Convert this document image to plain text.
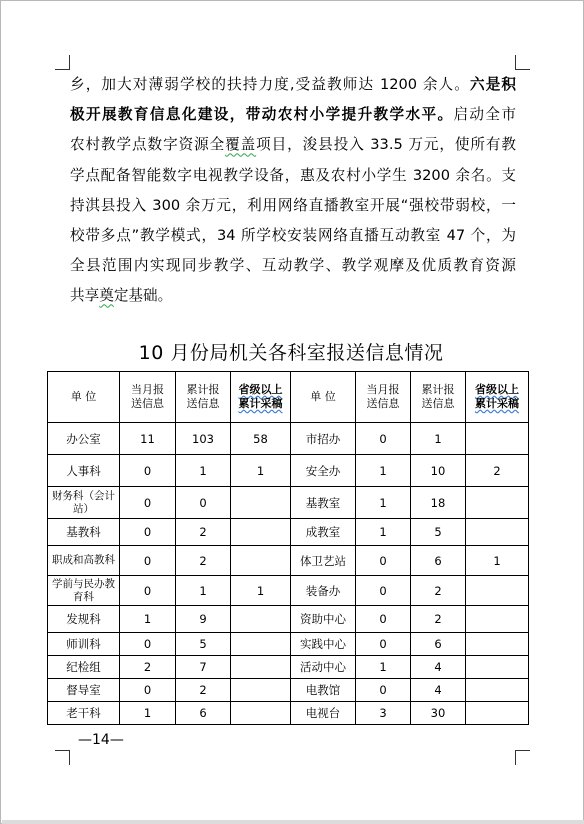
乡，加大对薄弱学校的扶持力度,受益教师达 1200 余人。六是积
极开展教育信息化建设，带动农村小学提升教学水平。启动全市
农村教学点数字资源全覆盖项目，浚县投入 33.5 万元，使所有教
学点配备智能数字电视教学设备，惠及农村小学生 3200 余名。支
持淇县投入 300 余万元，利用网络直播教室开展“强校带弱校，一
校带多点”教学模式，34 所学校安装网络直播互动教室 47 个，为
全县范围内实现同步教学、互动教学、教学观摩及优质教育资源
共享奠定基础。
10 月份局机关各科室报送信息情况
单 位	当月报送信息	累计报送信息	省级以上累计采稿	单 位	当月报送信息	累计报送信息	省级以上累计采稿
办公室	11	103	58	市招办	0	1	
人事科	0	1	1	安全办	1	10	2
财务科（会计站）	0	0		基教室	1	18	
基教科	0	2		成教室	1	5	
职成和高教科	0	2		体卫艺站	0	6	1
学前与民办教育科	0	1	1	装备办	0	2	
发规科	1	9		资助中心	0	2	
师训科	0	5		实践中心	0	6	
纪检组	2	7		活动中心	1	4	
督导室	0	2		电教馆	0	4	
老干科	1	6		电视台	3	30	
—14—
